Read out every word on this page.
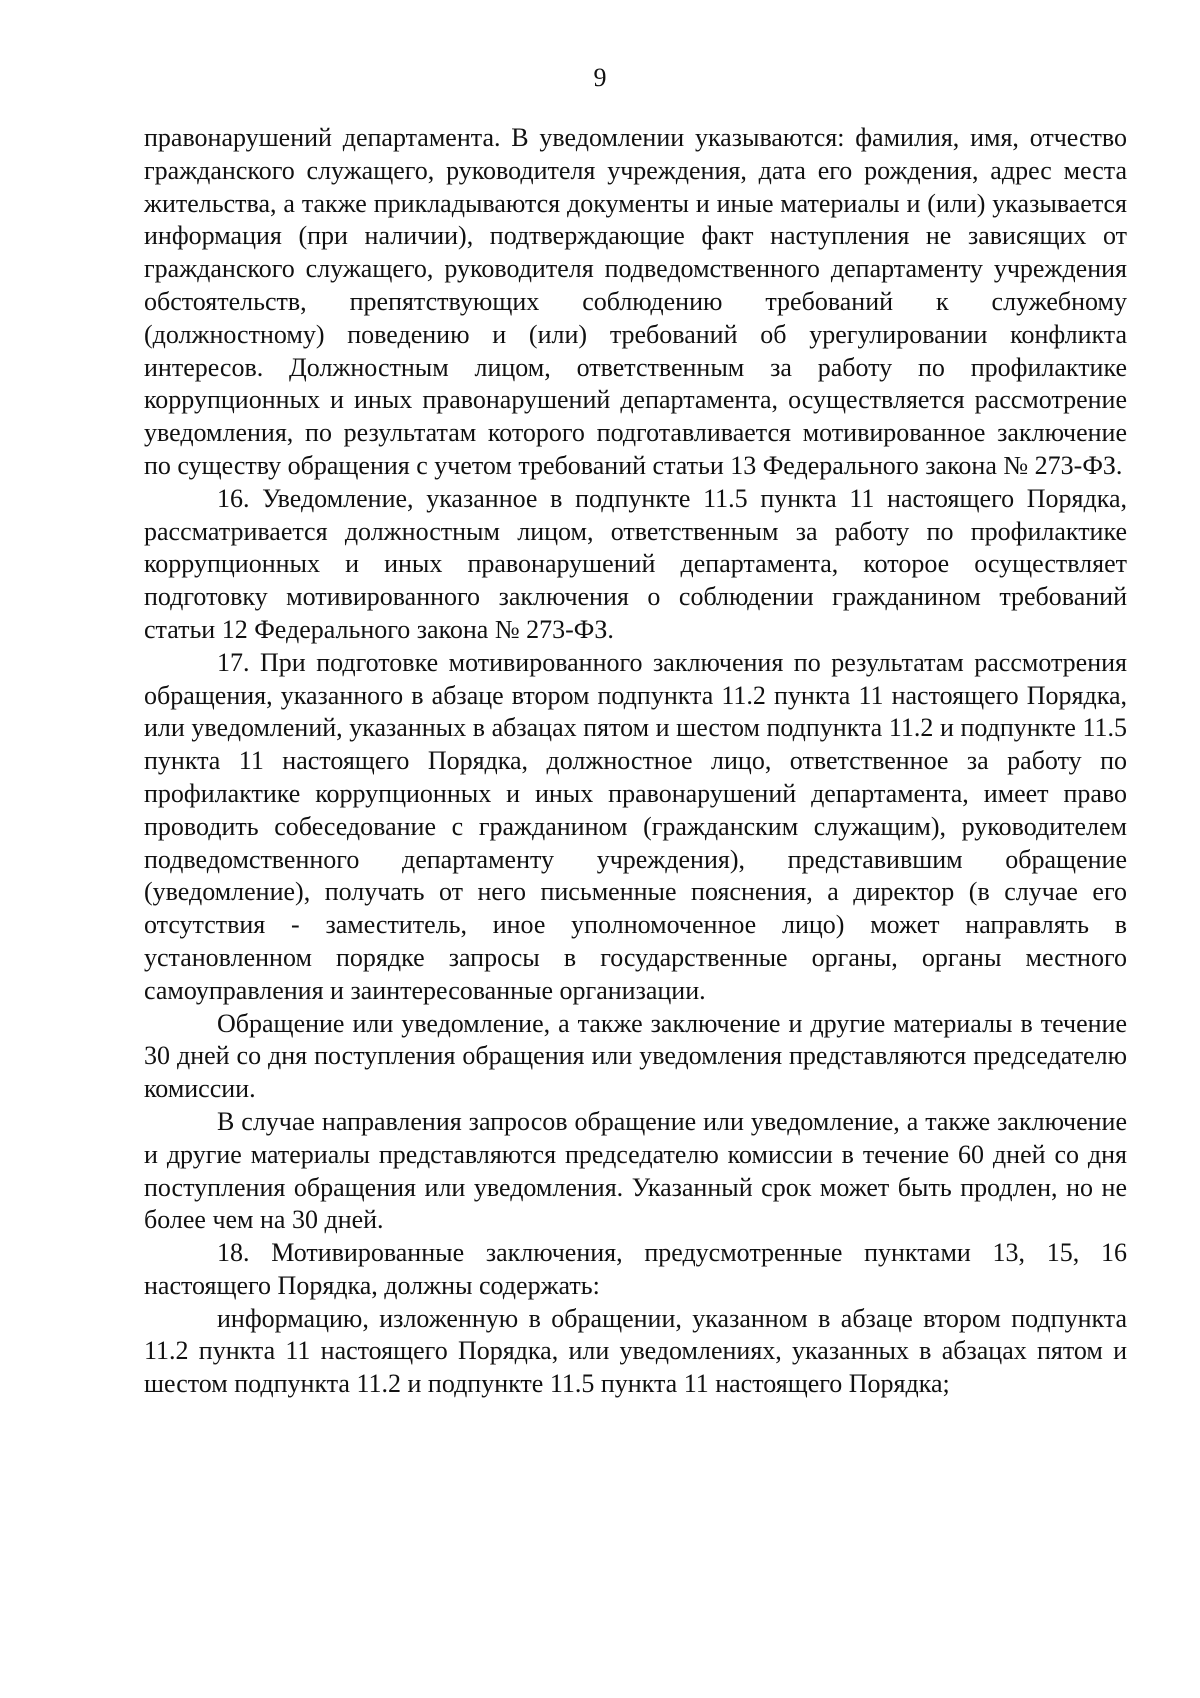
9

правонарушений департамента. В уведомлении указываются: фамилия, имя, отчество гражданского служащего, руководителя учреждения, дата его рождения, адрес места жительства, а также прикладываются документы и иные материалы и (или) указывается информация (при наличии), подтверждающие факт наступления не зависящих от гражданского служащего, руководителя подведомственного департаменту учреждения обстоятельств, препятствующих соблюдению требований к служебному (должностному) поведению и (или) требований об урегулировании конфликта интересов. Должностным лицом, ответственным за работу по профилактике коррупционных и иных правонарушений департамента, осуществляется рассмотрение уведомления, по результатам которого подготавливается мотивированное заключение по существу обращения с учетом требований статьи 13 Федерального закона № 273-ФЗ.

16. Уведомление, указанное в подпункте 11.5 пункта 11 настоящего Порядка, рассматривается должностным лицом, ответственным за работу по профилактике коррупционных и иных правонарушений департамента, которое осуществляет подготовку мотивированного заключения о соблюдении гражданином требований статьи 12 Федерального закона № 273-ФЗ.

17. При подготовке мотивированного заключения по результатам рассмотрения обращения, указанного в абзаце втором подпункта 11.2 пункта 11 настоящего Порядка, или уведомлений, указанных в абзацах пятом и шестом подпункта 11.2 и подпункте 11.5 пункта 11 настоящего Порядка, должностное лицо, ответственное за работу по профилактике коррупционных и иных правонарушений департамента, имеет право проводить собеседование с гражданином (гражданским служащим), руководителем подведомственного департаменту учреждения), представившим обращение (уведомление), получать от него письменные пояснения, а директор (в случае его отсутствия - заместитель, иное уполномоченное лицо) может направлять в установленном порядке запросы в государственные органы, органы местного самоуправления и заинтересованные организации.

Обращение или уведомление, а также заключение и другие материалы в течение 30 дней со дня поступления обращения или уведомления представляются председателю комиссии.

В случае направления запросов обращение или уведомление, а также заключение и другие материалы представляются председателю комиссии в течение 60 дней со дня поступления обращения или уведомления. Указанный срок может быть продлен, но не более чем на 30 дней.

18. Мотивированные заключения, предусмотренные пунктами 13, 15, 16 настоящего Порядка, должны содержать:

информацию, изложенную в обращении, указанном в абзаце втором подпункта 11.2 пункта 11 настоящего Порядка, или уведомлениях, указанных в абзацах пятом и шестом подпункта 11.2 и подпункте 11.5 пункта 11 настоящего Порядка;
